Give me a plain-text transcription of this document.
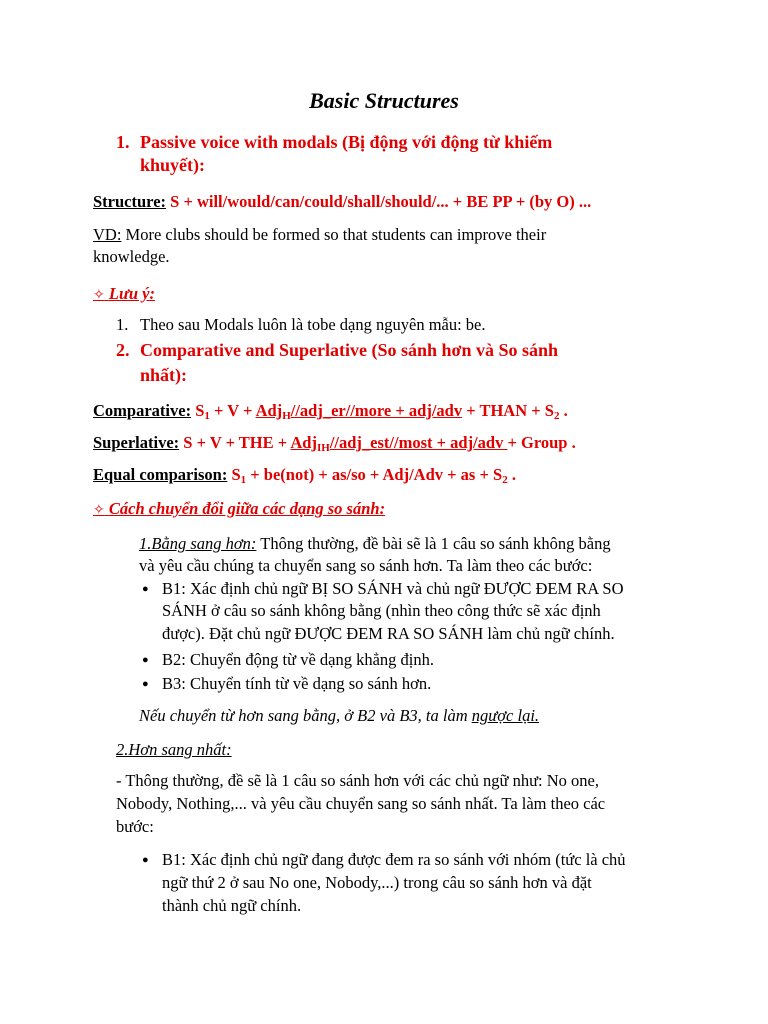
Basic Structures
1. Passive voice with modals (Bị động với động từ khiếm
khuyết):
Structure: S + will/would/can/could/shall/should/... + BE PP + (by O) ...
VD: More clubs should be formed so that students can improve their
knowledge.
✧ Lưu ý:
1. Theo sau Modals luôn là tobe dạng nguyên mẫu: be.
2. Comparative and Superlative (So sánh hơn và So sánh
nhất):
Comparative: $S_1 + V$ + Adj$_H$//adj_er//more + adj/adv + THAN + $S_2$ .
Superlative: S + V + THE + Adj$_{IH}$//adj_est//most + adj/adv + Group .
Equal comparison: $S_1 + be(not) + as/so + Adj/Adv$ + as + $S_2$ .
✧ Cách chuyển đổi giữa các dạng so sánh:
1.Bằng sang hơn: Thông thường, đề bài sẽ là 1 câu so sánh không bằng
và yêu cầu chúng ta chuyển sang so sánh hơn. Ta làm theo các bước:
● B1: Xác định chủ ngữ BỊ SO SÁNH và chủ ngữ ĐƯỢC ĐEM RA SO
SÁNH ở câu so sánh không bằng (nhìn theo công thức sẽ xác định
được). Đặt chủ ngữ ĐƯỢC ĐEM RA SO SÁNH làm chủ ngữ chính.
● B2: Chuyển động từ về dạng khẳng định.
● B3: Chuyển tính từ về dạng so sánh hơn.
Nếu chuyển từ hơn sang bằng, ở B2 và B3, ta làm ngược lại.
2.Hơn sang nhất:
- Thông thường, đề sẽ là 1 câu so sánh hơn với các chủ ngữ như: No one,
Nobody, Nothing,... và yêu cầu chuyển sang so sánh nhất. Ta làm theo các
bước:
● B1: Xác định chủ ngữ đang được đem ra so sánh với nhóm (tức là chủ
ngữ thứ 2 ở sau No one, Nobody,...) trong câu so sánh hơn và đặt
thành chủ ngữ chính.
